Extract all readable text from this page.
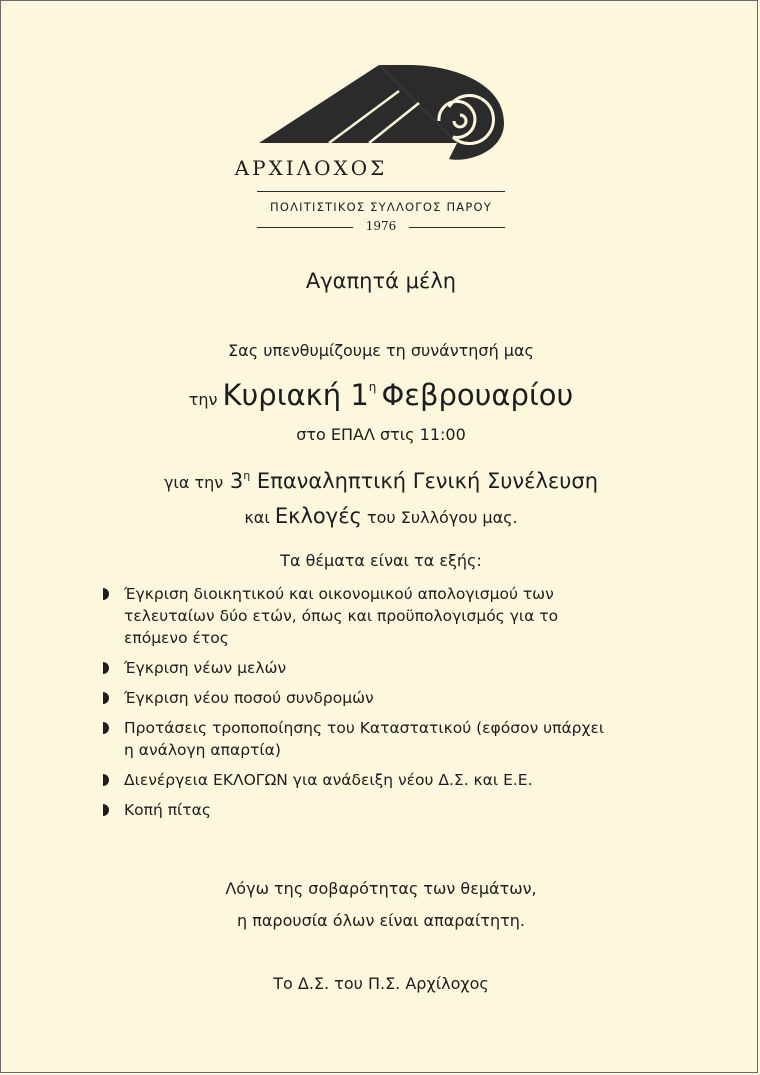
ΑΡΧΙΛΟΧΟΣ
ΠΟΛΙΤΙΣΤΙΚΟΣ ΣΥΛΛΟΓΟΣ ΠΑΡΟΥ
1976
Αγαπητά μέλη
Σας υπενθυμίζουμε τη συνάντησή μας
την Κυριακή $1^\eta$ Φεβρουαρίου
στο ΕΠΑΛ στις 11:00
για την $3^\eta$ Επαναληπτική Γενική Συνέλευση
και Εκλογές του Συλλόγου μας.
Τα θέματα είναι τα εξής:
Έγκριση διοικητικού και οικονομικού απολογισμού των
τελευταίων δύο ετών, όπως και προϋπολογισμός για το
επόμενο έτος
Έγκριση νέων μελών
Έγκριση νέου ποσού συνδρομών
Προτάσεις τροποποίησης του Καταστατικού (εφόσον υπάρχει
η ανάλογη απαρτία)
Διενέργεια ΕΚΛΟΓΩΝ για ανάδειξη νέου Δ.Σ. και Ε.Ε.
Κοπή πίτας
Λόγω της σοβαρότητας των θεμάτων,
η παρουσία όλων είναι απαραίτητη.
Το Δ.Σ. του Π.Σ. Αρχίλοχος
